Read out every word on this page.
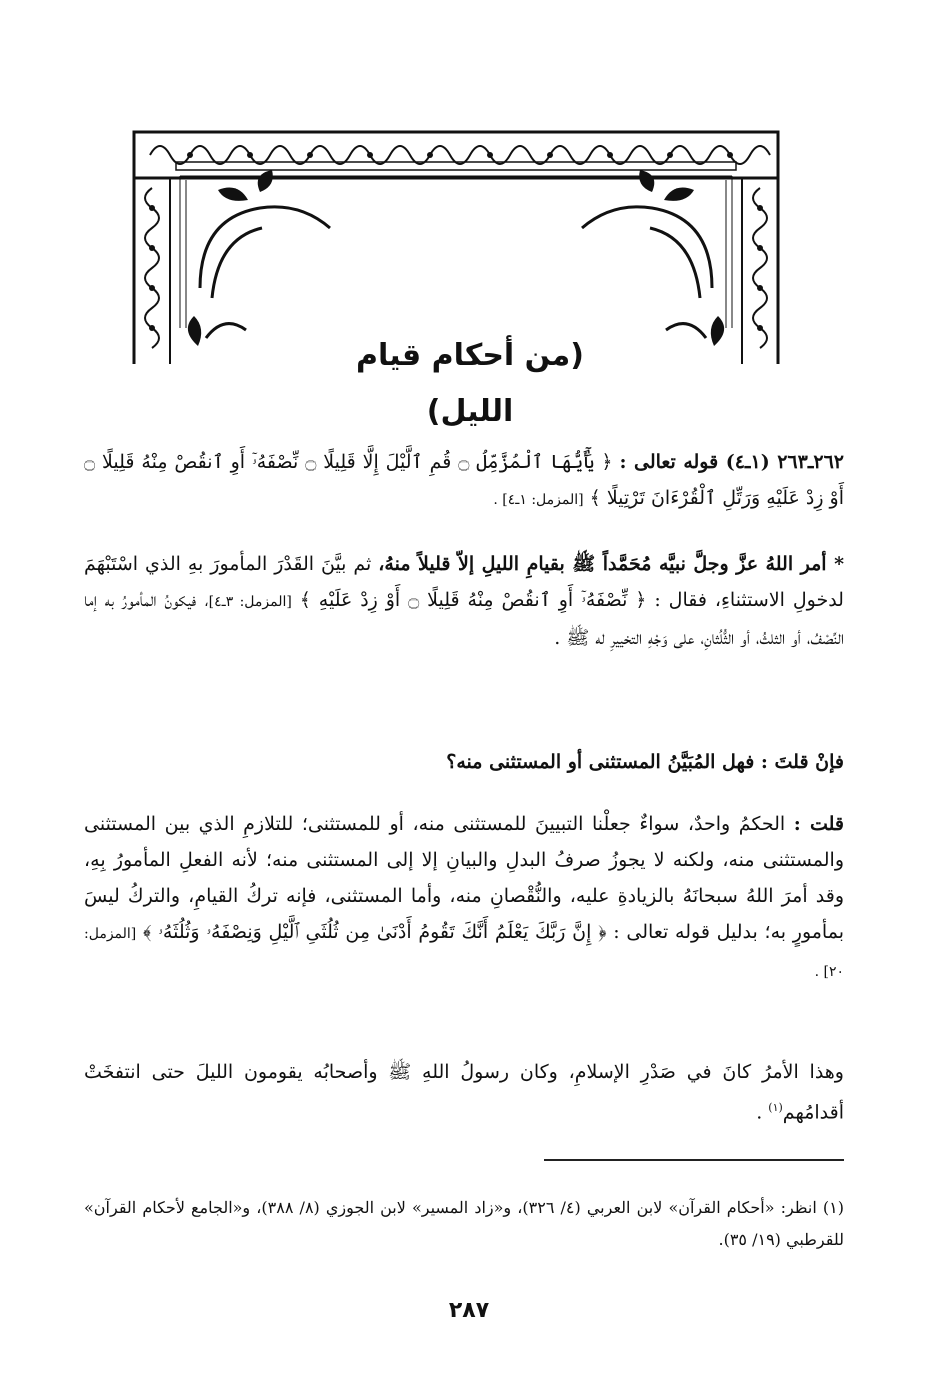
(من أحكام قيام الليل)

٢٦٢ـ٢٦٣ (١ـ٤) قوله تعالى : ﴿ يَٰٓأَيُّهَا ٱلْمُزَّمِّلُ ۝ قُمِ ٱلَّيْلَ إِلَّا قَلِيلًا ۝ نِّصْفَهُۥٓ أَوِ ٱنقُصْ مِنْهُ قَلِيلًا ۝ أَوْ زِدْ عَلَيْهِ وَرَتِّلِ ٱلْقُرْءَانَ تَرْتِيلًا ﴾ [المزمل: ١ـ٤] .

* أمر اللهُ عزَّ وجلَّ نبيَّه مُحَمَّداً ﷺ بقيامِ الليلِ إلاّ قليلاً منهُ، ثم بيَّنَ القَدْرَ المأمورَ بهِ الذي اسْتَبْهَمَ لدخولِ الاستثناءِ، فقال : ﴿ نِّصْفَهُۥٓ أَوِ ٱنقُصْ مِنْهُ قَلِيلًا ۝ أَوْ زِدْ عَلَيْهِ ﴾ [المزمل: ٣ـ٤]، فيكونُ المأمورُ به إما النِّصْفُ، أو الثلثُ، أو الثُّلُثانِ، على وَجْهِ التخييرِ له ﷺ .

فإنْ قلتَ : فهل المُبَيَّنُ المستثنى أو المستثنى منه؟

قلت : الحكمُ واحدٌ، سواءٌ جعلْنا التبيينَ للمستثنى منه، أو للمستثنى؛ للتلازمِ الذي بين المستثنى والمستثنى منه، ولكنه لا يجوزُ صرفُ البدلِ والبيانِ إلا إلى المستثنى منه؛ لأنه الفعلِ المأمورُ بِهِ، وقد أمرَ اللهُ سبحانَهُ بالزيادةِ عليه، والنُّقْصانِ منه، وأما المستثنى، فإنه تركُ القيامِ، والتركُ ليسَ بمأمورٍ به؛ بدليل قوله تعالى : ﴿ إِنَّ رَبَّكَ يَعْلَمُ أَنَّكَ تَقُومُ أَدْنَىٰ مِن ثُلُثَىِ ٱلَّيْلِ وَنِصْفَهُۥ وَثُلُثَهُۥ ﴾ [المزمل: ٢٠] .

وهذا الأمرُ كانَ في صَدْرِ الإسلامِ، وكان رسولُ اللهِ ﷺ وأصحابُه يقومون الليلَ حتى انتفخَتْ أقدامُهم$^{(١)}$ .

(١) انظر: «أحكام القرآن» لابن العربي (٤/ ٣٢٦)، و«زاد المسير» لابن الجوزي (٨/ ٣٨٨)، و«الجامع لأحكام القرآن» للقرطبي (١٩/ ٣٥).

٢٨٧
